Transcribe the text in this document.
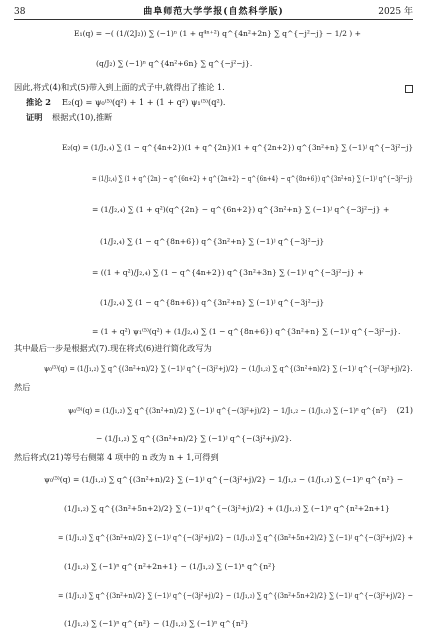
38	曲阜师范大学学报(自然科学版)	2025 年
E₁(q) = −( (1/(2J₂)) ∑ (−1)ⁿ (1 + q⁴ⁿ⁺²) q^{4n²+2n} ∑ q^{−j²−j} − 1/2 ) +
(q/J₂) ∑ (−1)ⁿ q^{4n²+6n} ∑ q^{−j²−j}.
因此,将式(4)和式(5)带入到上面的式子中,就得出了推论 1.
推论 2 E₂(q) = ψ₀⁽⁵⁾(q²) + 1 + (1 + q²) ψ₁⁽⁵⁾(q²).
证明 根据式(10),推断
E₂(q) = (1/J₂,₄) ∑ (1 − q^{4n+2})(1 + q^{2n})(1 + q^{2n+2}) q^{3n²+n} ∑ (−1)ʲ q^{−3j²−j}
= (1/J₂,₄) ∑ (1 + q^{2n} − q^{6n+2} + q^{2n+2} − q^{6n+4} − q^{8n+6}) q^{3n²+n} ∑ (−1)ʲ q^{−3j²−j}
= (1/J₂,₄) ∑ (1 + q²)(q^{2n} − q^{6n+2}) q^{3n²+n} ∑ (−1)ʲ q^{−3j²−j} +
(1/J₂,₄) ∑ (1 − q^{8n+6}) q^{3n²+n} ∑ (−1)ʲ q^{−3j²−j}
= ((1 + q²)/J₂,₄) ∑ (1 − q^{4n+2}) q^{3n²+3n} ∑ (−1)ʲ q^{−3j²−j} +
(1/J₂,₄) ∑ (1 − q^{8n+6}) q^{3n²+n} ∑ (−1)ʲ q^{−3j²−j}
= (1 + q²) ψ₁⁽⁵⁾(q²) + (1/J₂,₄) ∑ (1 − q^{8n+6}) q^{3n²+n} ∑ (−1)ʲ q^{−3j²−j}.
其中最后一步是根据式(7).现在将式(6)进行简化改写为
ψ₀⁽⁵⁾(q) = (1/J₁,₂) ∑ q^{(3n²+n)/2} ∑ (−1)ʲ q^{−(3j²+j)/2} − (1/J₁,₂) ∑ q^{(3n²+n)/2} ∑ (−1)ʲ q^{−(3j²+j)/2}.
然后
ψ₀⁽⁵⁾(q) = (1/J₁,₂) ∑ q^{(3n²+n)/2} ∑ (−1)ʲ q^{−(3j²+j)/2} − 1/J₁,₂ − (1/J₁,₂) ∑ (−1)ⁿ q^{n²}
− (1/J₁,₂) ∑ q^{(3n²+n)/2} ∑ (−1)ʲ q^{−(3j²+j)/2}.
(21)
然后将式(21)等号右侧第 4 项中的 n 改为 n + 1,可得到
ψ₀⁽⁵⁾(q) = (1/J₁,₂) ∑ q^{(3n²+n)/2} ∑ (−1)ʲ q^{−(3j²+j)/2} − 1/J₁,₂ − (1/J₁,₂) ∑ (−1)ⁿ q^{n²} −
(1/J₁,₂) ∑ q^{(3n²+5n+2)/2} ∑ (−1)ʲ q^{−(3j²+j)/2} + (1/J₁,₂) ∑ (−1)ⁿ q^{n²+2n+1}
= (1/J₁,₂) ∑ q^{(3n²+n)/2} ∑ (−1)ʲ q^{−(3j²+j)/2} − (1/J₁,₂) ∑ q^{(3n²+5n+2)/2} ∑ (−1)ʲ q^{−(3j²+j)/2} +
(1/J₁,₂) ∑ (−1)ⁿ q^{n²+2n+1} − (1/J₁,₂) ∑ (−1)ⁿ q^{n²}
= (1/J₁,₂) ∑ q^{(3n²+n)/2} ∑ (−1)ʲ q^{−(3j²+j)/2} − (1/J₁,₂) ∑ q^{(3n²+5n+2)/2} ∑ (−1)ʲ q^{−(3j²+j)/2} −
(1/J₁,₂) ∑ (−1)ⁿ q^{n²} − (1/J₁,₂) ∑ (−1)ⁿ q^{n²}
